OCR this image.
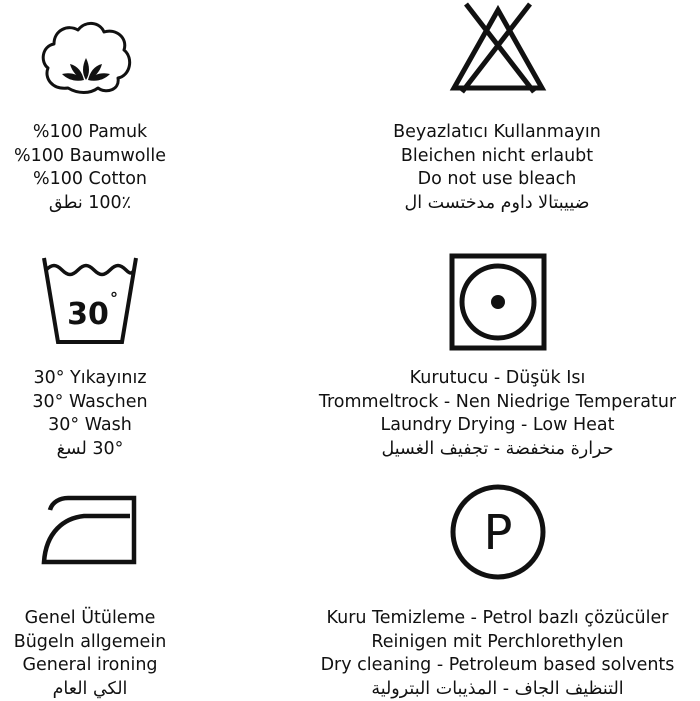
%100 Pamuk
%100 Baumwolle
%100 Cotton
100٪ نطق
Beyazlatıcı Kullanmayın
Bleichen nicht erlaubt
Do not use bleach
ضييبتالا داوم مدختست ال
30 °
30° Yıkayınız
30° Waschen
30° Wash
30° لسغ
Kurutucu - Düşük Isı
Trommeltrock - Nen Niedrige Temperatur
Laundry Drying - Low Heat
حرارة منخفضة - تجفيف الغسيل
Genel Ütüleme
Bügeln allgemein
General ironing
الكي العام
P
Kuru Temizleme - Petrol bazlı çözücüler
Reinigen mit Perchlorethylen
Dry cleaning - Petroleum based solvents
التنظيف الجاف - المذيبات البترولية
